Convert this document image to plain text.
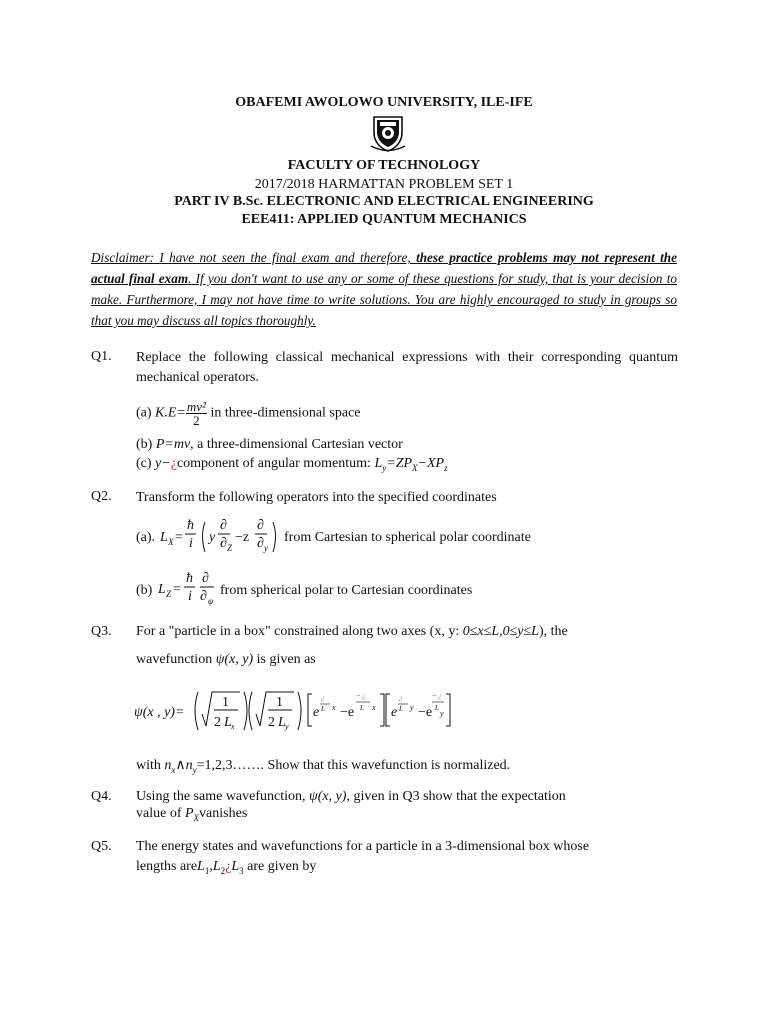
OBAFEMI AWOLOWO UNIVERSITY, ILE-IFE
FACULTY OF TECHNOLOGY
2017/2018 HARMATTAN PROBLEM SET 1
PART IV B.Sc. ELECTRONIC AND ELECTRICAL ENGINEERING
EEE411: APPLIED QUANTUM MECHANICS
Disclaimer: I have not seen the final exam and therefore, these practice problems may not represent the actual final exam. If you don't want to use any or some of these questions for study, that is your decision to make. Furthermore, I may not have time to write solutions. You are highly encouraged to study in groups so that you may discuss all topics thoroughly.
Q1. Replace the following classical mechanical expressions with their corresponding quantum mechanical operators.
(a) $K.E= \frac{\text{mv²}}{2}$ in three-dimensional space
(b) P=mv, a three-dimensional Cartesian vector
(c) y−¿component of angular momentum: $L_y=ZP_X-XP_z$
Q2. Transform the following operators into the specified coordinates
(a). L X =
ħ
i y
∂
∂ Z
−z
∂
∂ y
from Cartesian to spherical polar coordinate
(b) L Z =
ħ
i
∂
∂ φ
from spherical polar to Cartesian coordinates
Q3. For a "particle in a box" constrained along two axes (x, y: 0≤x≤L,0≤y≤L), the
wavefunction ψ(x, y) is given as
ψ(x , y)=
1
2 L x
1
2 L y
e
¿
L x −e
− ¿
L x e
¿
L y −e
− ¿
L
y
with $n_x\wedge n_y=1,2,3\dots\dots$. Show that this wavefunction is normalized.
Q4. Using the same wavefunction, ψ(x, y), given in Q3 show that the expectation
value of $P_Xvanishes$
Q5. The energy states and wavefunctions for a particle in a 3-dimensional box whose
lengths $areL_1,L_2¿L_3$ are given by
